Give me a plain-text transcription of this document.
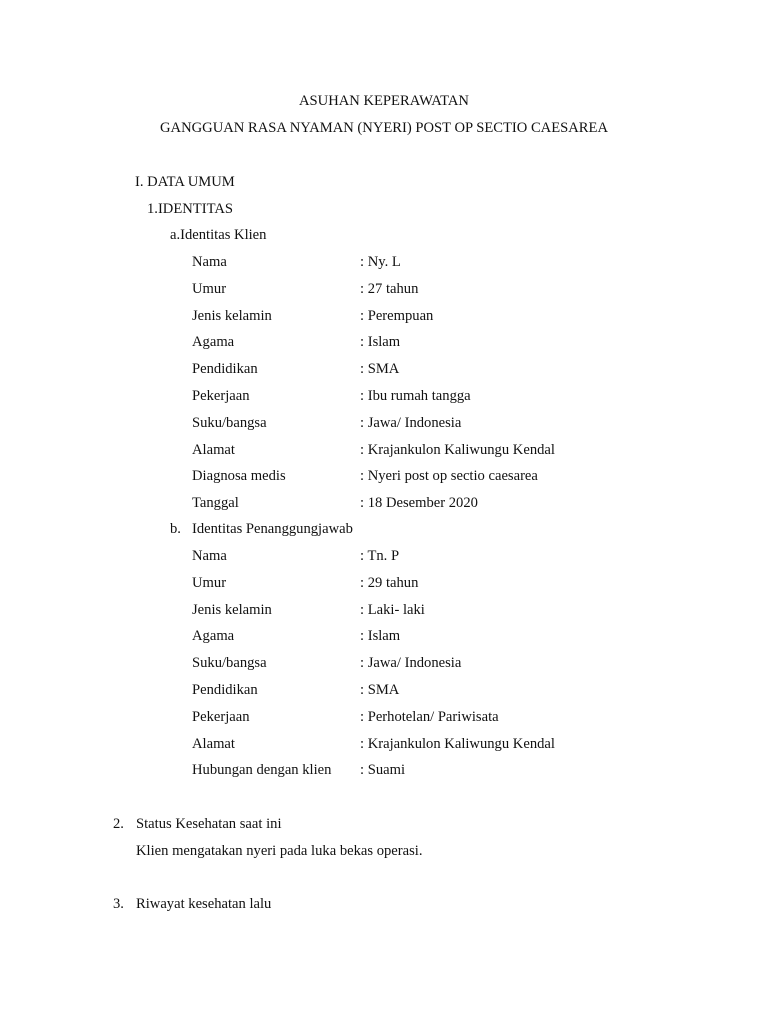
ASUHAN KEPERAWATAN
GANGGUAN RASA NYAMAN (NYERI) POST OP SECTIO CAESAREA
I. DATA UMUM
1.IDENTITAS
a.Identitas Klien
Nama	: Ny. L
Umur	: 27 tahun
Jenis kelamin	: Perempuan
Agama	: Islam
Pendidikan	: SMA
Pekerjaan	: Ibu rumah tangga
Suku/bangsa	: Jawa/ Indonesia
Alamat	: Krajankulon Kaliwungu Kendal
Diagnosa medis	: Nyeri post op sectio caesarea
Tanggal	: 18 Desember 2020
b. Identitas Penanggungjawab
Nama	: Tn. P
Umur	: 29 tahun
Jenis kelamin	: Laki- laki
Agama	: Islam
Suku/bangsa	: Jawa/ Indonesia
Pendidikan	: SMA
Pekerjaan	: Perhotelan/ Pariwisata
Alamat	: Krajankulon Kaliwungu Kendal
Hubungan dengan klien : Suami
2. Status Kesehatan saat ini
Klien mengatakan nyeri pada luka bekas operasi.
3. Riwayat kesehatan lalu
